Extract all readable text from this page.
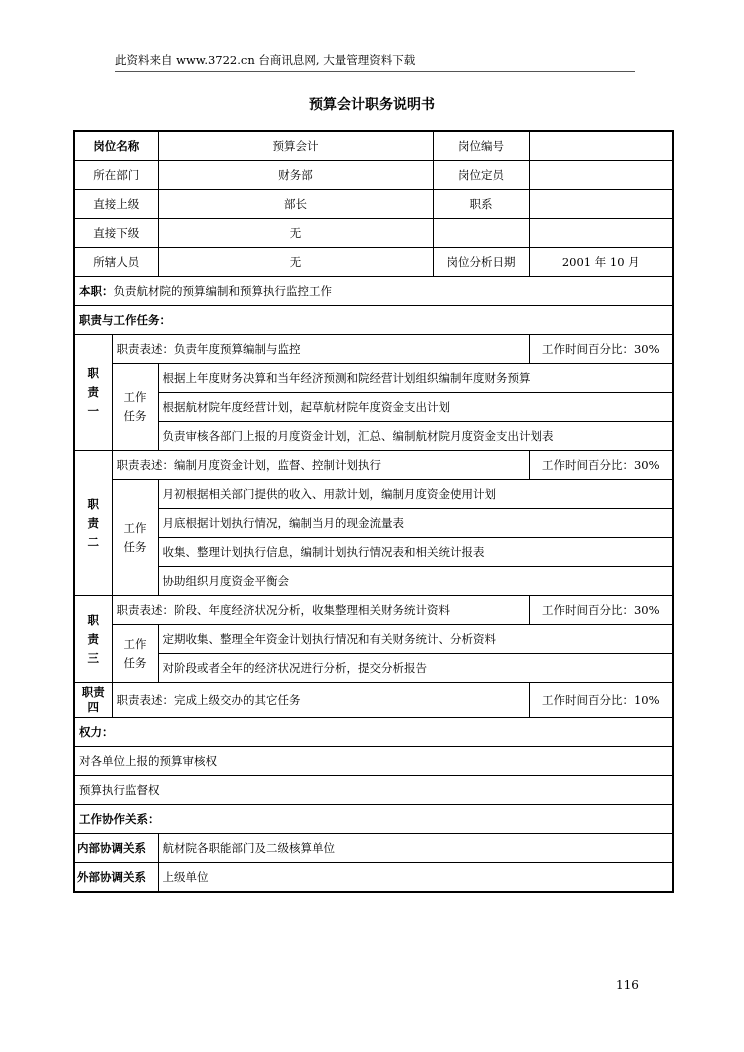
此资料来自 www.3722.cn 台商讯息网, 大量管理资料下载
预算会计职务说明书
岗位名称		预算会计	岗位编号	
所在部门		财务部	岗位定员	
直接上级		部长	职系	
直接下级		无		
所辖人员		无	岗位分析日期	2001 年 10 月
本职：负责航材院的预算编制和预算执行监控工作				
职责与工作任务：				
职责一	职责表述：负责年度预算编制与监控			工作时间百分比：30%
	工作任务	根据上年度财务决算和当年经济预测和院经营计划组织编制年度财务预算		
		根据航材院年度经营计划，起草航材院年度资金支出计划		
		负责审核各部门上报的月度资金计划，汇总、编制航材院月度资金支出计划表		
职责二	职责表述：编制月度资金计划，监督、控制计划执行			工作时间百分比：30%
	工作任务	月初根据相关部门提供的收入、用款计划，编制月度资金使用计划		
		月底根据计划执行情况，编制当月的现金流量表		
		收集、整理计划执行信息，编制计划执行情况表和相关统计报表		
		协助组织月度资金平衡会		
职责三	职责表述：阶段、年度经济状况分析，收集整理相关财务统计资料			工作时间百分比：30%
	工作任务	定期收集、整理全年资金计划执行情况和有关财务统计、分析资料		
		对阶段或者全年的经济状况进行分析，提交分析报告		
职责四	职责表述：完成上级交办的其它任务			工作时间百分比：10%
权力：				
对各单位上报的预算审核权				
预算执行监督权				
工作协作关系：				
内部协调关系		航材院各职能部门及二级核算单位		
外部协调关系		上级单位		
116
